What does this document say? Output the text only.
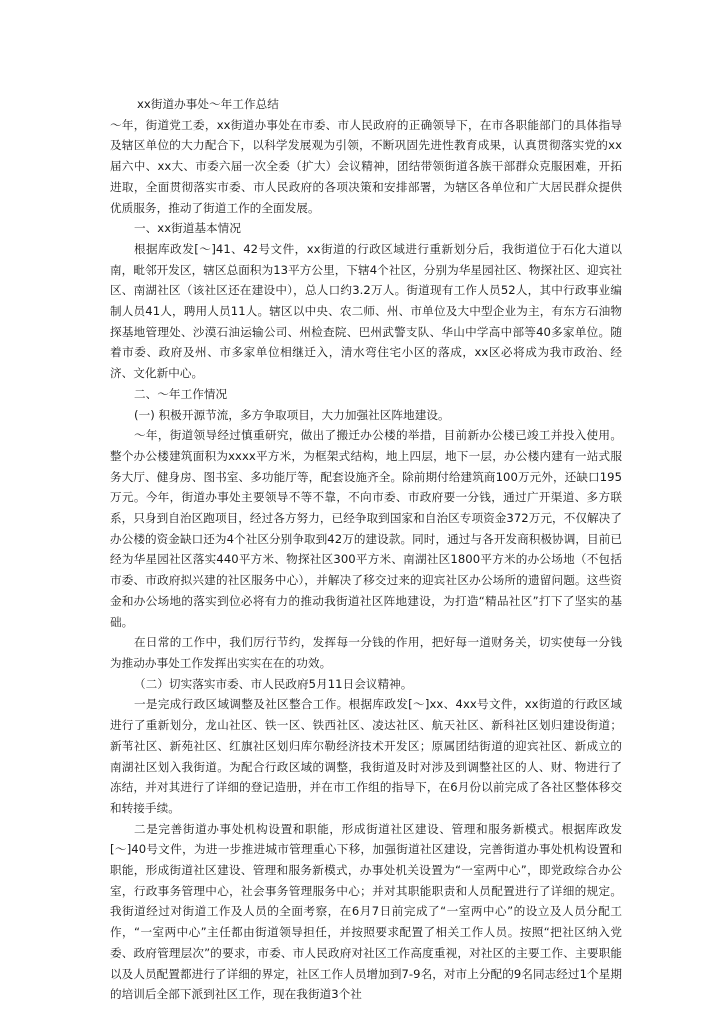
xx街道办事处～年工作总结

～年，街道党工委，xx街道办事处在市委、市人民政府的正确领导下，在市各职能部门的具体指导及辖区单位的大力配合下，以科学发展观为引领，不断巩固先进性教育成果，认真贯彻落实党的xx届六中、xx大、市委六届一次全委（扩大）会议精神，团结带领街道各族干部群众克服困难，开拓进取，全面贯彻落实市委、市人民政府的各项决策和安排部署，为辖区各单位和广大居民群众提供优质服务，推动了街道工作的全面发展。

一、xx街道基本情况

根据库政发[～]41、42号文件，xx街道的行政区域进行重新划分后，我街道位于石化大道以南，毗邻开发区，辖区总面积为13平方公里，下辖4个社区，分别为华星园社区、物探社区、迎宾社区、南湖社区（该社区还在建设中），总人口约3.2万人。街道现有工作人员52人，其中行政事业编制人员41人，聘用人员11人。辖区以中央、农二师、州、市单位及大中型企业为主，有东方石油物探基地管理处、沙漠石油运输公司、州检查院、巴州武警支队、华山中学高中部等40多家单位。随着市委、政府及州、市多家单位相继迁入，清水弯住宅小区的落成，xx区必将成为我市政治、经济、文化新中心。

二、～年工作情况

(一) 积极开源节流，多方争取项目，大力加强社区阵地建设。

～年，街道领导经过慎重研究，做出了搬迁办公楼的举措，目前新办公楼已竣工并投入使用。整个办公楼建筑面积为xxxx平方米，为框架式结构，地上四层，地下一层，办公楼内建有一站式服务大厅、健身房、图书室、多功能厅等，配套设施齐全。除前期付给建筑商100万元外，还缺口195万元。今年，街道办事处主要领导不等不靠，不向市委、市政府要一分钱，通过广开渠道、多方联系，只身到自治区跑项目，经过各方努力，已经争取到国家和自治区专项资金372万元，不仅解决了办公楼的资金缺口还为4个社区分别争取到42万的建设款。同时，通过与各开发商积极协调，目前已经为华星园社区落实440平方米、物探社区300平方米、南湖社区1800平方米的办公场地（不包括市委、市政府拟兴建的社区服务中心），并解决了移交过来的迎宾社区办公场所的遗留问题。这些资金和办公场地的落实到位必将有力的推动我街道社区阵地建设，为打造“精品社区”打下了坚实的基础。

在日常的工作中，我们厉行节约，发挥每一分钱的作用，把好每一道财务关，切实使每一分钱为推动办事处工作发挥出实实在在的功效。

（二）切实落实市委、市人民政府5月11日会议精神。

一是完成行政区域调整及社区整合工作。根据库政发[～]xx、4xx号文件，xx街道的行政区域进行了重新划分，龙山社区、铁一区、铁西社区、凌达社区、航天社区、新科社区划归建设街道；新苇社区、新苑社区、红旗社区划归库尔勒经济技术开发区；原属团结街道的迎宾社区、新成立的南湖社区划入我街道。为配合行政区域的调整，我街道及时对涉及到调整社区的人、财、物进行了冻结，并对其进行了详细的登记造册，并在市工作组的指导下，在6月份以前完成了各社区整体移交和转接手续。

二是完善街道办事处机构设置和职能，形成街道社区建设、管理和服务新模式。根据库政发[～]40号文件，为进一步推进城市管理重心下移，加强街道社区建设，完善街道办事处机构设置和职能，形成街道社区建设、管理和服务新模式，办事处机关设置为“一室两中心”，即党政综合办公室，行政事务管理中心，社会事务管理服务中心；并对其职能职责和人员配置进行了详细的规定。我街道经过对街道工作及人员的全面考察，在6月7日前完成了“一室两中心”的设立及人员分配工作，“一室两中心”主任都由街道领导担任，并按照要求配置了相关工作人员。按照“把社区纳入党委、政府管理层次”的要求，市委、市人民政府对社区工作高度重视，对社区的主要工作、主要职能以及人员配置都进行了详细的界定，社区工作人员增加到7-9名，对市上分配的9名同志经过1个星期的培训后全部下派到社区工作，现在我街道3个社
